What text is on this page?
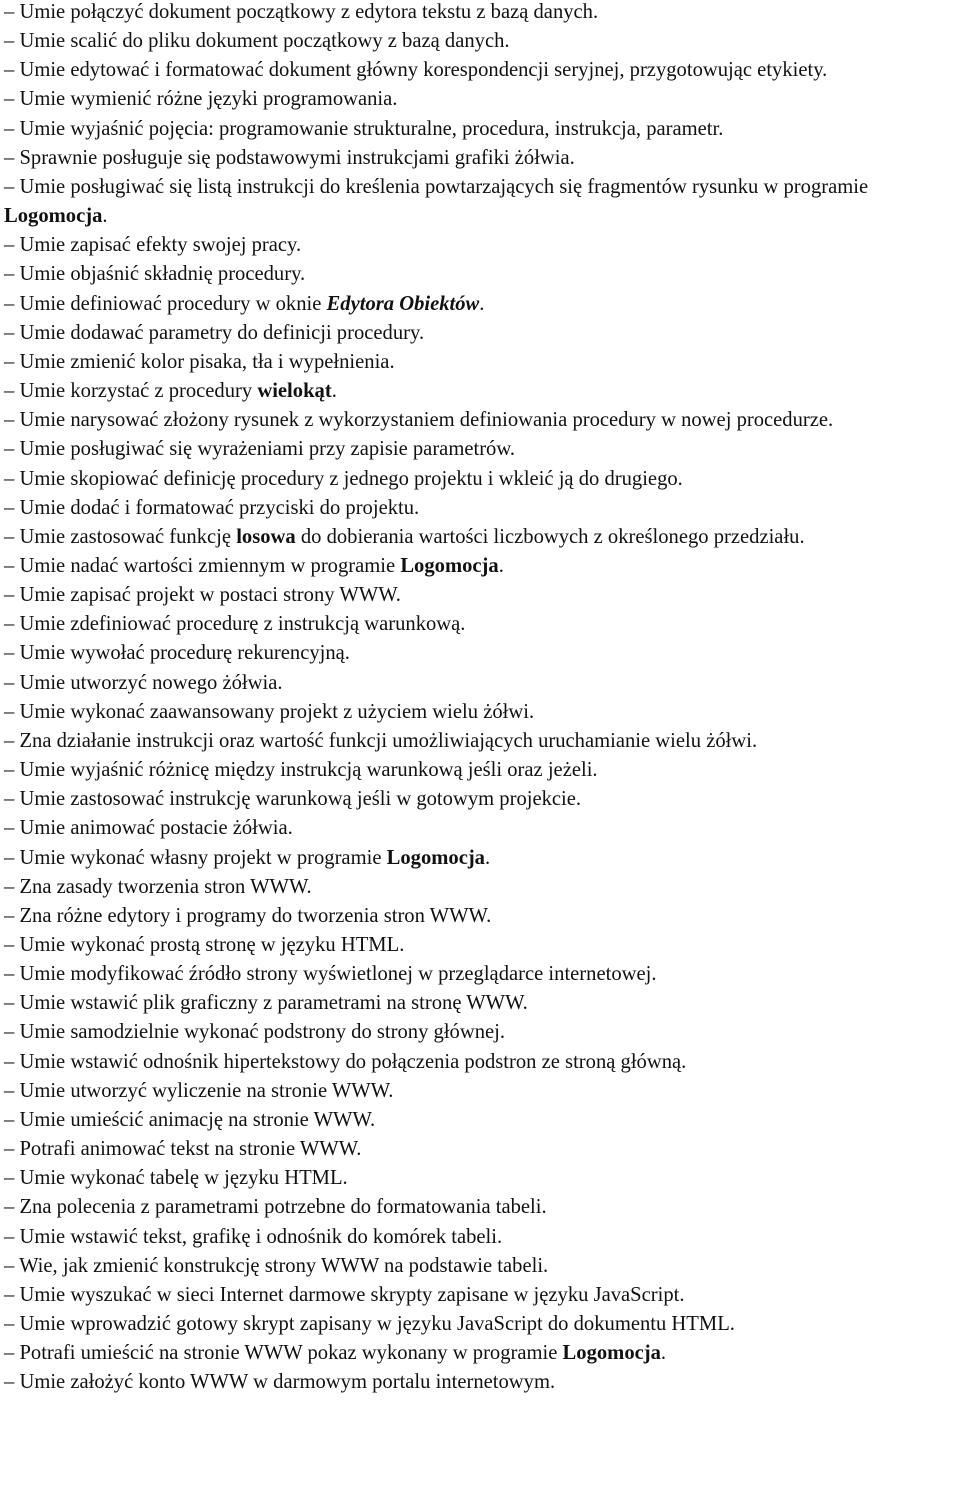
– Umie połączyć dokument początkowy z edytora tekstu z bazą danych.
– Umie scalić do pliku dokument początkowy z bazą danych.
– Umie edytować i formatować dokument główny korespondencji seryjnej, przygotowując etykiety.
– Umie wymienić różne języki programowania.
– Umie wyjaśnić pojęcia: programowanie strukturalne, procedura, instrukcja, parametr.
– Sprawnie posługuje się podstawowymi instrukcjami grafiki żółwia.
– Umie posługiwać się listą instrukcji do kreślenia powtarzających się fragmentów rysunku w programie Logomocja.
– Umie zapisać efekty swojej pracy.
– Umie objaśnić składnię procedury.
– Umie definiować procedury w oknie Edytora Obiektów.
– Umie dodawać parametry do definicji procedury.
– Umie zmienić kolor pisaka, tła i wypełnienia.
– Umie korzystać z procedury wielokąt.
– Umie narysować złożony rysunek z wykorzystaniem definiowania procedury w nowej procedurze.
– Umie posługiwać się wyrażeniami przy zapisie parametrów.
– Umie skopiować definicję procedury z jednego projektu i wkleić ją do drugiego.
– Umie dodać i formatować przyciski do projektu.
– Umie zastosować funkcję losowa do dobierania wartości liczbowych z określonego przedziału.
– Umie nadać wartości zmiennym w programie Logomocja.
– Umie zapisać projekt w postaci strony WWW.
– Umie zdefiniować procedurę z instrukcją warunkową.
– Umie wywołać procedurę rekurencyjną.
– Umie utworzyć nowego żółwia.
– Umie wykonać zaawansowany projekt z użyciem wielu żółwi.
– Zna działanie instrukcji oraz wartość funkcji umożliwiających uruchamianie wielu żółwi.
– Umie wyjaśnić różnicę między instrukcją warunkową jeśli oraz jeżeli.
– Umie zastosować instrukcję warunkową jeśli w gotowym projekcie.
– Umie animować postacie żółwia.
– Umie wykonać własny projekt w programie Logomocja.
– Zna zasady tworzenia stron WWW.
– Zna różne edytory i programy do tworzenia stron WWW.
– Umie wykonać prostą stronę w języku HTML.
– Umie modyfikować źródło strony wyświetlonej w przeglądarce internetowej.
– Umie wstawić plik graficzny z parametrami na stronę WWW.
– Umie samodzielnie wykonać podstrony do strony głównej.
– Umie wstawić odnośnik hipertekstowy do połączenia podstron ze stroną główną.
– Umie utworzyć wyliczenie na stronie WWW.
– Umie umieścić animację na stronie WWW.
– Potrafi animować tekst na stronie WWW.
– Umie wykonać tabelę w języku HTML.
– Zna polecenia z parametrami potrzebne do formatowania tabeli.
– Umie wstawić tekst, grafikę i odnośnik do komórek tabeli.
– Wie, jak zmienić konstrukcję strony WWW na podstawie tabeli.
– Umie wyszukać w sieci Internet darmowe skrypty zapisane w języku JavaScript.
– Umie wprowadzić gotowy skrypt zapisany w języku JavaScript do dokumentu HTML.
– Potrafi umieścić na stronie WWW pokaz wykonany w programie Logomocja.
– Umie założyć konto WWW w darmowym portalu internetowym.
